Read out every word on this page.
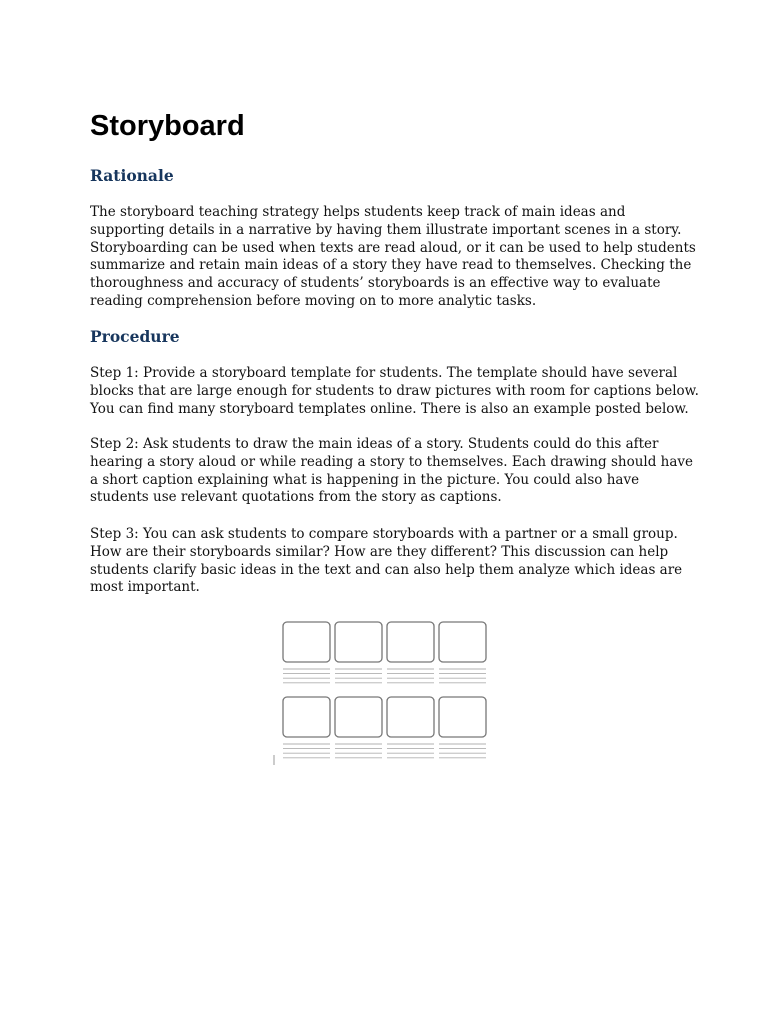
Storyboard
Rationale

The storyboard teaching strategy helps students keep track of main ideas and
supporting details in a narrative by having them illustrate important scenes in a story.
Storyboarding can be used when texts are read aloud, or it can be used to help students
summarize and retain main ideas of a story they have read to themselves. Checking the
thoroughness and accuracy of students’ storyboards is an effective way to evaluate
reading comprehension before moving on to more analytic tasks.

Procedure

Step 1: Provide a storyboard template for students. The template should have several
blocks that are large enough for students to draw pictures with room for captions below.
You can find many storyboard templates online. There is also an example posted below.

Step 2: Ask students to draw the main ideas of a story. Students could do this after
hearing a story aloud or while reading a story to themselves. Each drawing should have
a short caption explaining what is happening in the picture. You could also have
students use relevant quotations from the story as captions.

Step 3: You can ask students to compare storyboards with a partner or a small group.
How are their storyboards similar? How are they different? This discussion can help
students clarify basic ideas in the text and can also help them analyze which ideas are
most important.
